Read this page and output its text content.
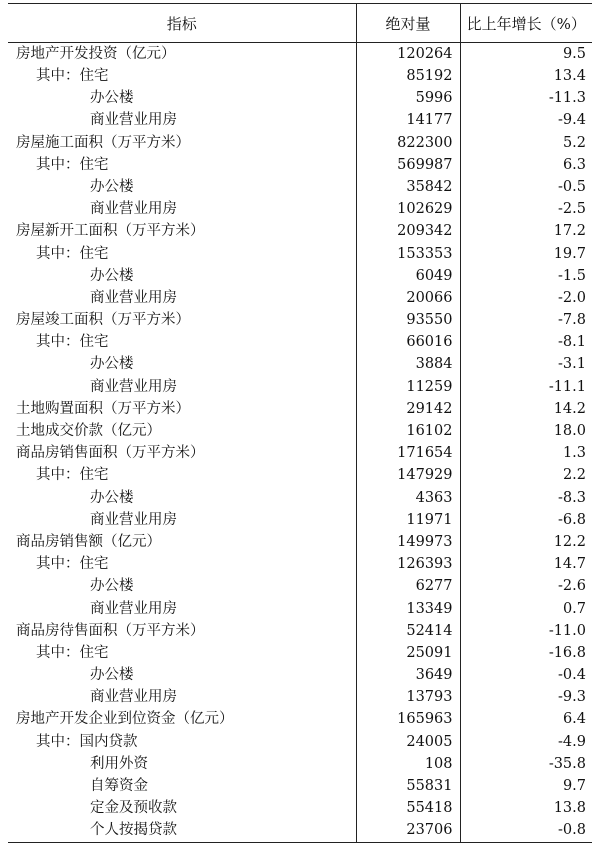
指标	绝对量	比上年增长（%）
房地产开发投资（亿元）	120264	9.5
其中：住宅	85192	13.4
办公楼	5996	-11.3
商业营业用房	14177	-9.4
房屋施工面积（万平方米）	822300	5.2
其中：住宅	569987	6.3
办公楼	35842	-0.5
商业营业用房	102629	-2.5
房屋新开工面积（万平方米）	209342	17.2
其中：住宅	153353	19.7
办公楼	6049	-1.5
商业营业用房	20066	-2.0
房屋竣工面积（万平方米）	93550	-7.8
其中：住宅	66016	-8.1
办公楼	3884	-3.1
商业营业用房	11259	-11.1
土地购置面积（万平方米）	29142	14.2
土地成交价款（亿元）	16102	18.0
商品房销售面积（万平方米）	171654	1.3
其中：住宅	147929	2.2
办公楼	4363	-8.3
商业营业用房	11971	-6.8
商品房销售额（亿元）	149973	12.2
其中：住宅	126393	14.7
办公楼	6277	-2.6
商业营业用房	13349	0.7
商品房待售面积（万平方米）	52414	-11.0
其中：住宅	25091	-16.8
办公楼	3649	-0.4
商业营业用房	13793	-9.3
房地产开发企业到位资金（亿元）	165963	6.4
其中：国内贷款	24005	-4.9
利用外资	108	-35.8
自筹资金	55831	9.7
定金及预收款	55418	13.8
个人按揭贷款	23706	-0.8
